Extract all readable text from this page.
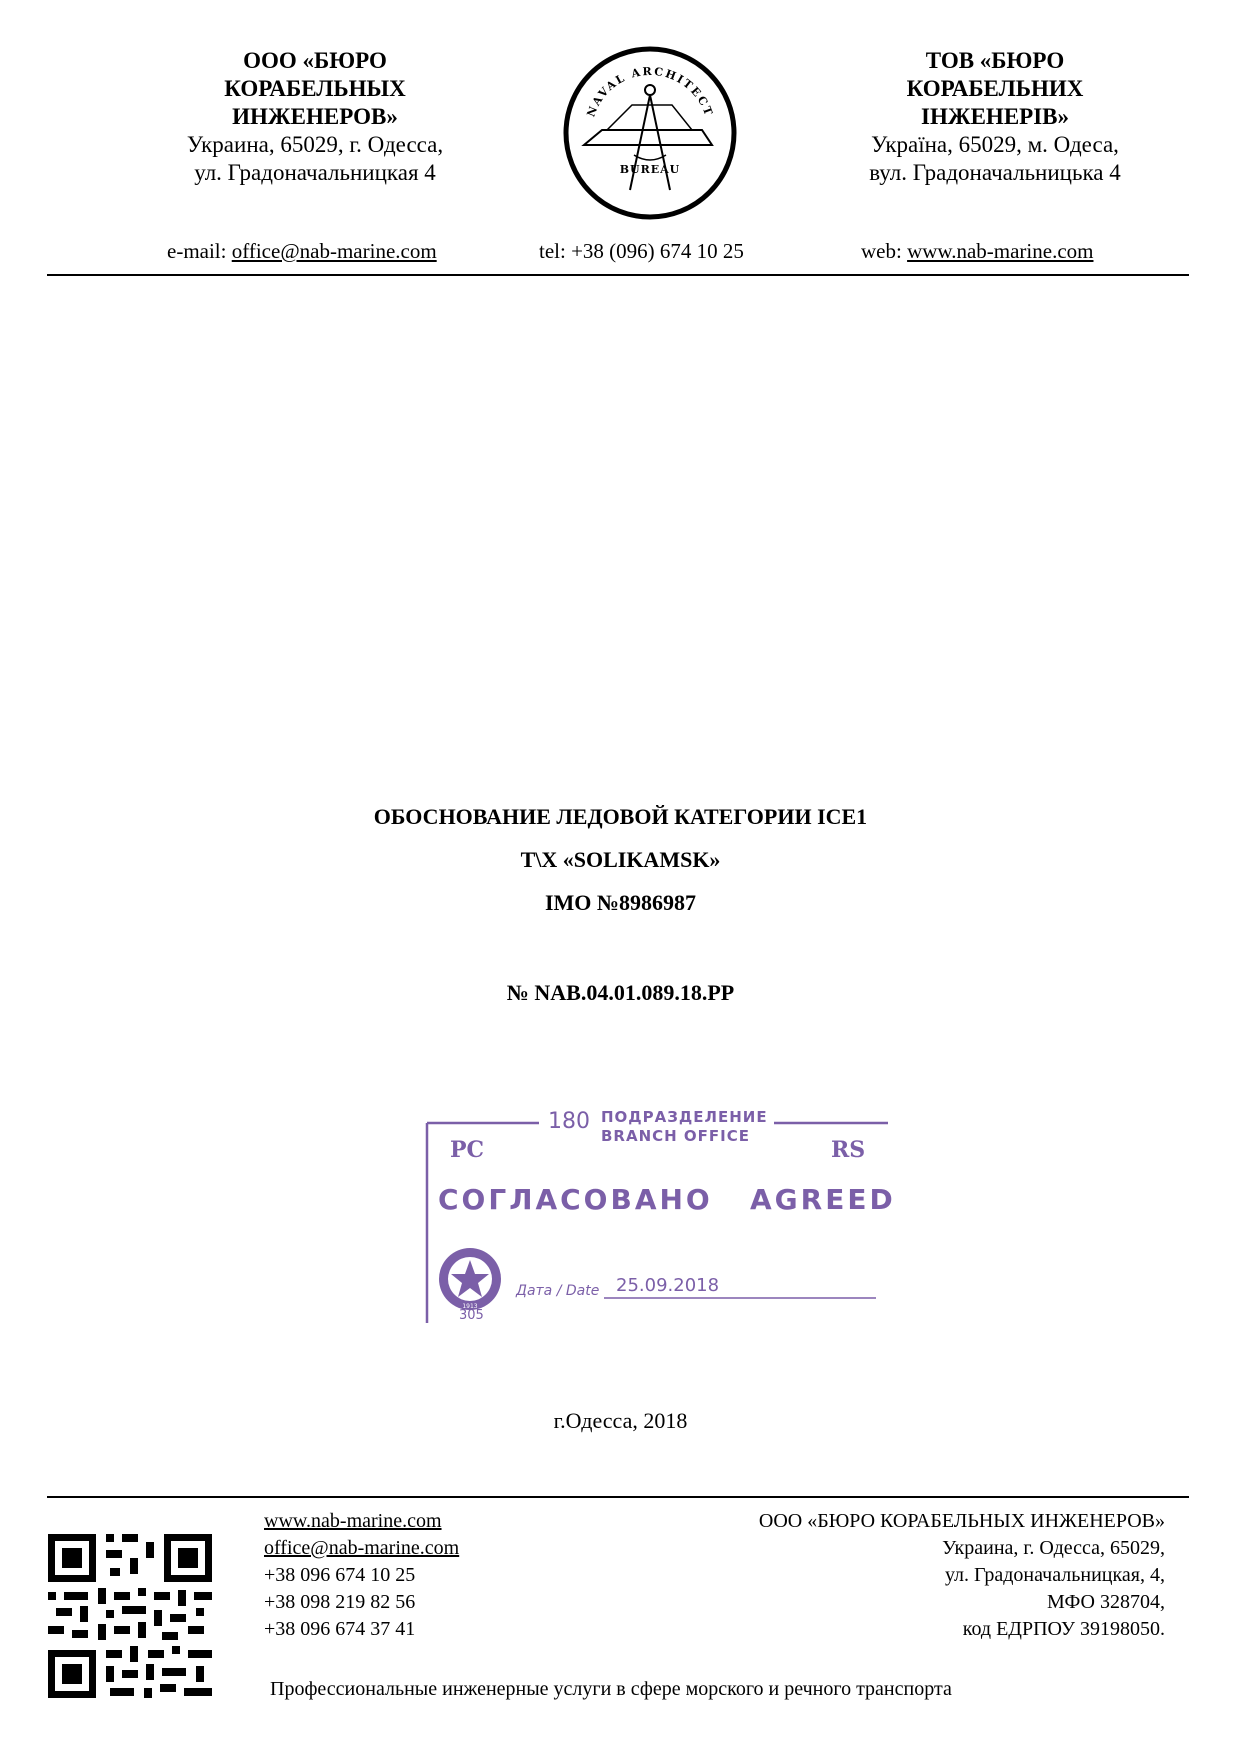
ООО «БЮРО
КОРАБЕЛЬНЫХ
ИНЖЕНЕРОВ»
Украина, 65029, г. Одесса,
ул. Градоначальницкая 4
ТОВ «БЮРО
КОРАБЕЛЬНИХ
ІНЖЕНЕРІВ»
Україна, 65029, м. Одеса,
вул. Градоначальницька 4
NAVAL ARCHITECT
BUREAU
e-mail: office@nab-marine.com	tel: +38 (096) 674 10 25	web: www.nab-marine.com
ОБОСНОВАНИЕ ЛЕДОВОЙ КАТЕГОРИИ ICE1
Т\Х «SOLIKAMSK»
IMO №8986987
№ NAB.04.01.089.18.PP
180 ПОДРАЗДЕЛЕНИЕ
BRANCH OFFICE
РС	RS
СОГЛАСОВАНО AGREED
1913
305
Дата / Date 25.09.2018
г.Одесса, 2018
www.nab-marine.com
office@nab-marine.com
+38 096 674 10 25
+38 098 219 82 56
+38 096 674 37 41
ООО «БЮРО КОРАБЕЛЬНЫХ ИНЖЕНЕРОВ»
Украина, г. Одесса, 65029,
ул. Градоначальницкая, 4,
МФО 328704,
код ЕДРПОУ 39198050.
Профессиональные инженерные услуги в сфере морского и речного транспорта
